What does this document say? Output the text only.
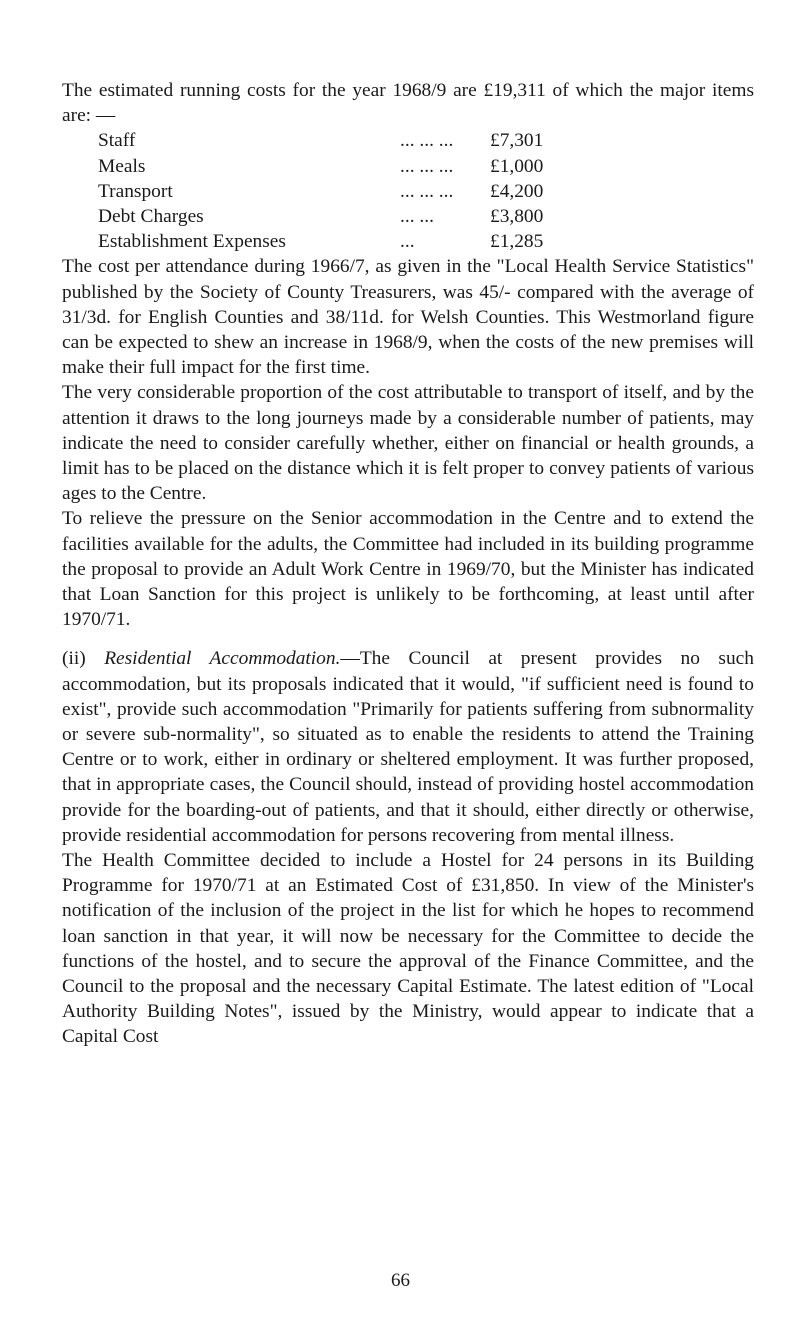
The estimated running costs for the year 1968/9 are £19,311 of which the major items are: —

Staff	... ... ...	£7,301
Meals	... ... ...	£1,000
Transport	... ... ...	£4,200
Debt Charges	... ...	£3,800
Establishment Expenses	...	£1,285

The cost per attendance during 1966/7, as given in the "Local Health Service Statistics" published by the Society of County Treasurers, was 45/- compared with the average of 31/3d. for English Counties and 38/11d. for Welsh Counties. This Westmorland figure can be expected to shew an increase in 1968/9, when the costs of the new premises will make their full impact for the first time.

The very considerable proportion of the cost attributable to transport of itself, and by the attention it draws to the long journeys made by a considerable number of patients, may indicate the need to consider carefully whether, either on financial or health grounds, a limit has to be placed on the distance which it is felt proper to convey patients of various ages to the Centre.

To relieve the pressure on the Senior accommodation in the Centre and to extend the facilities available for the adults, the Committee had included in its building programme the proposal to provide an Adult Work Centre in 1969/70, but the Minister has indicated that Loan Sanction for this project is unlikely to be forthcoming, at least until after 1970/71.

(ii) Residential Accommodation.—The Council at present provides no such accommodation, but its proposals indicated that it would, "if sufficient need is found to exist", provide such accommodation "Primarily for patients suffering from subnormality or severe sub-normality", so situated as to enable the residents to attend the Training Centre or to work, either in ordinary or sheltered employment. It was further proposed, that in appropriate cases, the Council should, instead of providing hostel accommodation provide for the boarding-out of patients, and that it should, either directly or otherwise, provide residential accommodation for persons recovering from mental illness.

The Health Committee decided to include a Hostel for 24 persons in its Building Programme for 1970/71 at an Estimated Cost of £31,850. In view of the Minister's notification of the inclusion of the project in the list for which he hopes to recommend loan sanction in that year, it will now be necessary for the Committee to decide the functions of the hostel, and to secure the approval of the Finance Committee, and the Council to the proposal and the necessary Capital Estimate. The latest edition of "Local Authority Building Notes", issued by the Ministry, would appear to indicate that a Capital Cost

66
